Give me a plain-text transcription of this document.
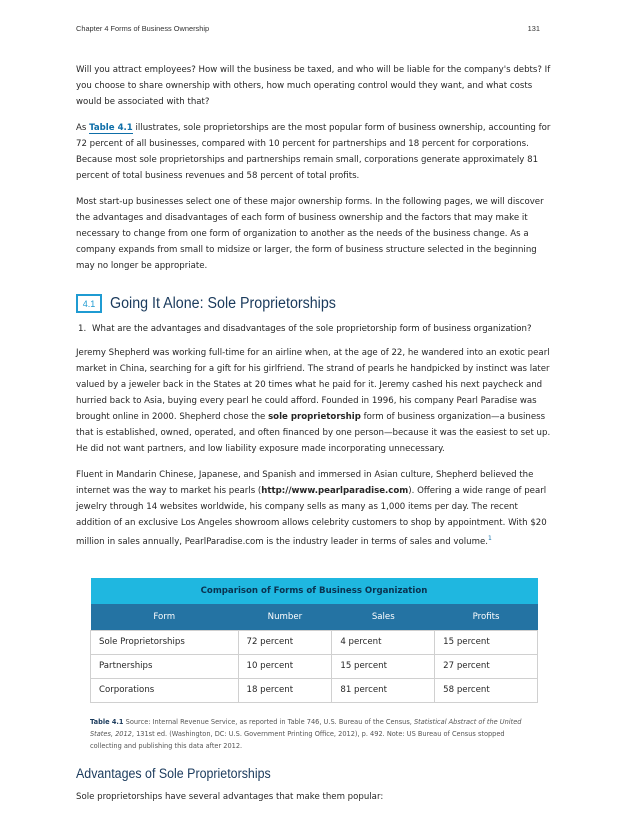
Chapter 4 Forms of Business Ownership	131

Will you attract employees? How will the business be taxed, and who will be liable for the company's debts? If you choose to share ownership with others, how much operating control would they want, and what costs would be associated with that?

As Table 4.1 illustrates, sole proprietorships are the most popular form of business ownership, accounting for 72 percent of all businesses, compared with 10 percent for partnerships and 18 percent for corporations. Because most sole proprietorships and partnerships remain small, corporations generate approximately 81 percent of total business revenues and 58 percent of total profits.

Most start-up businesses select one of these major ownership forms. In the following pages, we will discover the advantages and disadvantages of each form of business ownership and the factors that may make it necessary to change from one form of organization to another as the needs of the business change. As a company expands from small to midsize or larger, the form of business structure selected in the beginning may no longer be appropriate.

4.1 Going It Alone: Sole Proprietorships
1. What are the advantages and disadvantages of the sole proprietorship form of business organization?

Jeremy Shepherd was working full-time for an airline when, at the age of 22, he wandered into an exotic pearl market in China, searching for a gift for his girlfriend. The strand of pearls he handpicked by instinct was later valued by a jeweler back in the States at 20 times what he paid for it. Jeremy cashed his next paycheck and hurried back to Asia, buying every pearl he could afford. Founded in 1996, his company Pearl Paradise was brought online in 2000. Shepherd chose the sole proprietorship form of business organization—a business that is established, owned, operated, and often financed by one person—because it was the easiest to set up. He did not want partners, and low liability exposure made incorporating unnecessary.

Fluent in Mandarin Chinese, Japanese, and Spanish and immersed in Asian culture, Shepherd believed the internet was the way to market his pearls (http://www.pearlparadise.com). Offering a wide range of pearl jewelry through 14 websites worldwide, his company sells as many as 1,000 items per day. The recent addition of an exclusive Los Angeles showroom allows celebrity customers to shop by appointment. With $20 million in sales annually, PearlParadise.com is the industry leader in terms of sales and volume.$^1$

Comparison of Forms of Business Organization			
Form	Number	Sales	Profits
Sole Proprietorships	72 percent	4 percent	15 percent
Partnerships	10 percent	15 percent	27 percent
Corporations	18 percent	81 percent	58 percent
Table 4.1 Source: Internal Revenue Service, as reported in Table 746, U.S. Bureau of the Census, Statistical Abstract of the United States, 2012, 131st ed. (Washington, DC: U.S. Government Printing Office, 2012), p. 492. Note: US Bureau of Census stopped collecting and publishing this data after 2012.
Advantages of Sole Proprietorships

Sole proprietorships have several advantages that make them popular:
